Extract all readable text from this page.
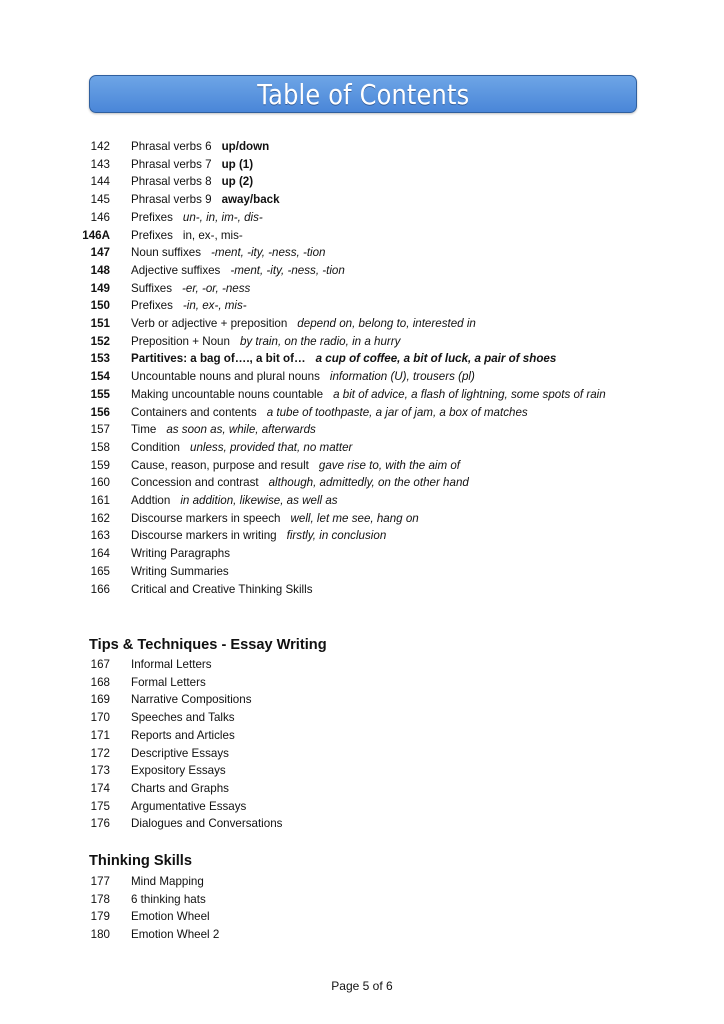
Table of Contents
142	Phrasal verbs 6 up/down
143	Phrasal verbs 7 up (1)
144	Phrasal verbs 8 up (2)
145	Phrasal verbs 9 away/back
146	Prefixes un-, in, im-, dis-
146A	Prefixes in, ex-, mis-
147	Noun suffixes -ment, -ity, -ness, -tion
148	Adjective suffixes -ment, -ity, -ness, -tion
149	Suffixes -er, -or, -ness
150	Prefixes -in, ex-, mis-
151	Verb or adjective + preposition depend on, belong to, interested in
152	Preposition + Noun by train, on the radio, in a hurry
153	Partitives: a bag of…., a bit of… a cup of coffee, a bit of luck, a pair of shoes
154	Uncountable nouns and plural nouns information (U), trousers (pl)
155	Making uncountable nouns countable a bit of advice, a flash of lightning, some spots of rain
156	Containers and contents a tube of toothpaste, a jar of jam, a box of matches
157	Time as soon as, while, afterwards
158	Condition unless, provided that, no matter
159	Cause, reason, purpose and result gave rise to, with the aim of
160	Concession and contrast although, admittedly, on the other hand
161	Addtion in addition, likewise, as well as
162	Discourse markers in speech well, let me see, hang on
163	Discourse markers in writing firstly, in conclusion
164	Writing Paragraphs
165	Writing Summaries
166	Critical and Creative Thinking Skills
Tips & Techniques - Essay Writing
167	Informal Letters
168	Formal Letters
169	Narrative Compositions
170	Speeches and Talks
171	Reports and Articles
172	Descriptive Essays
173	Expository Essays
174	Charts and Graphs
175	Argumentative Essays
176	Dialogues and Conversations
Thinking Skills
177	Mind Mapping
178	6 thinking hats
179	Emotion Wheel
180	Emotion Wheel 2
Page 5 of 6
